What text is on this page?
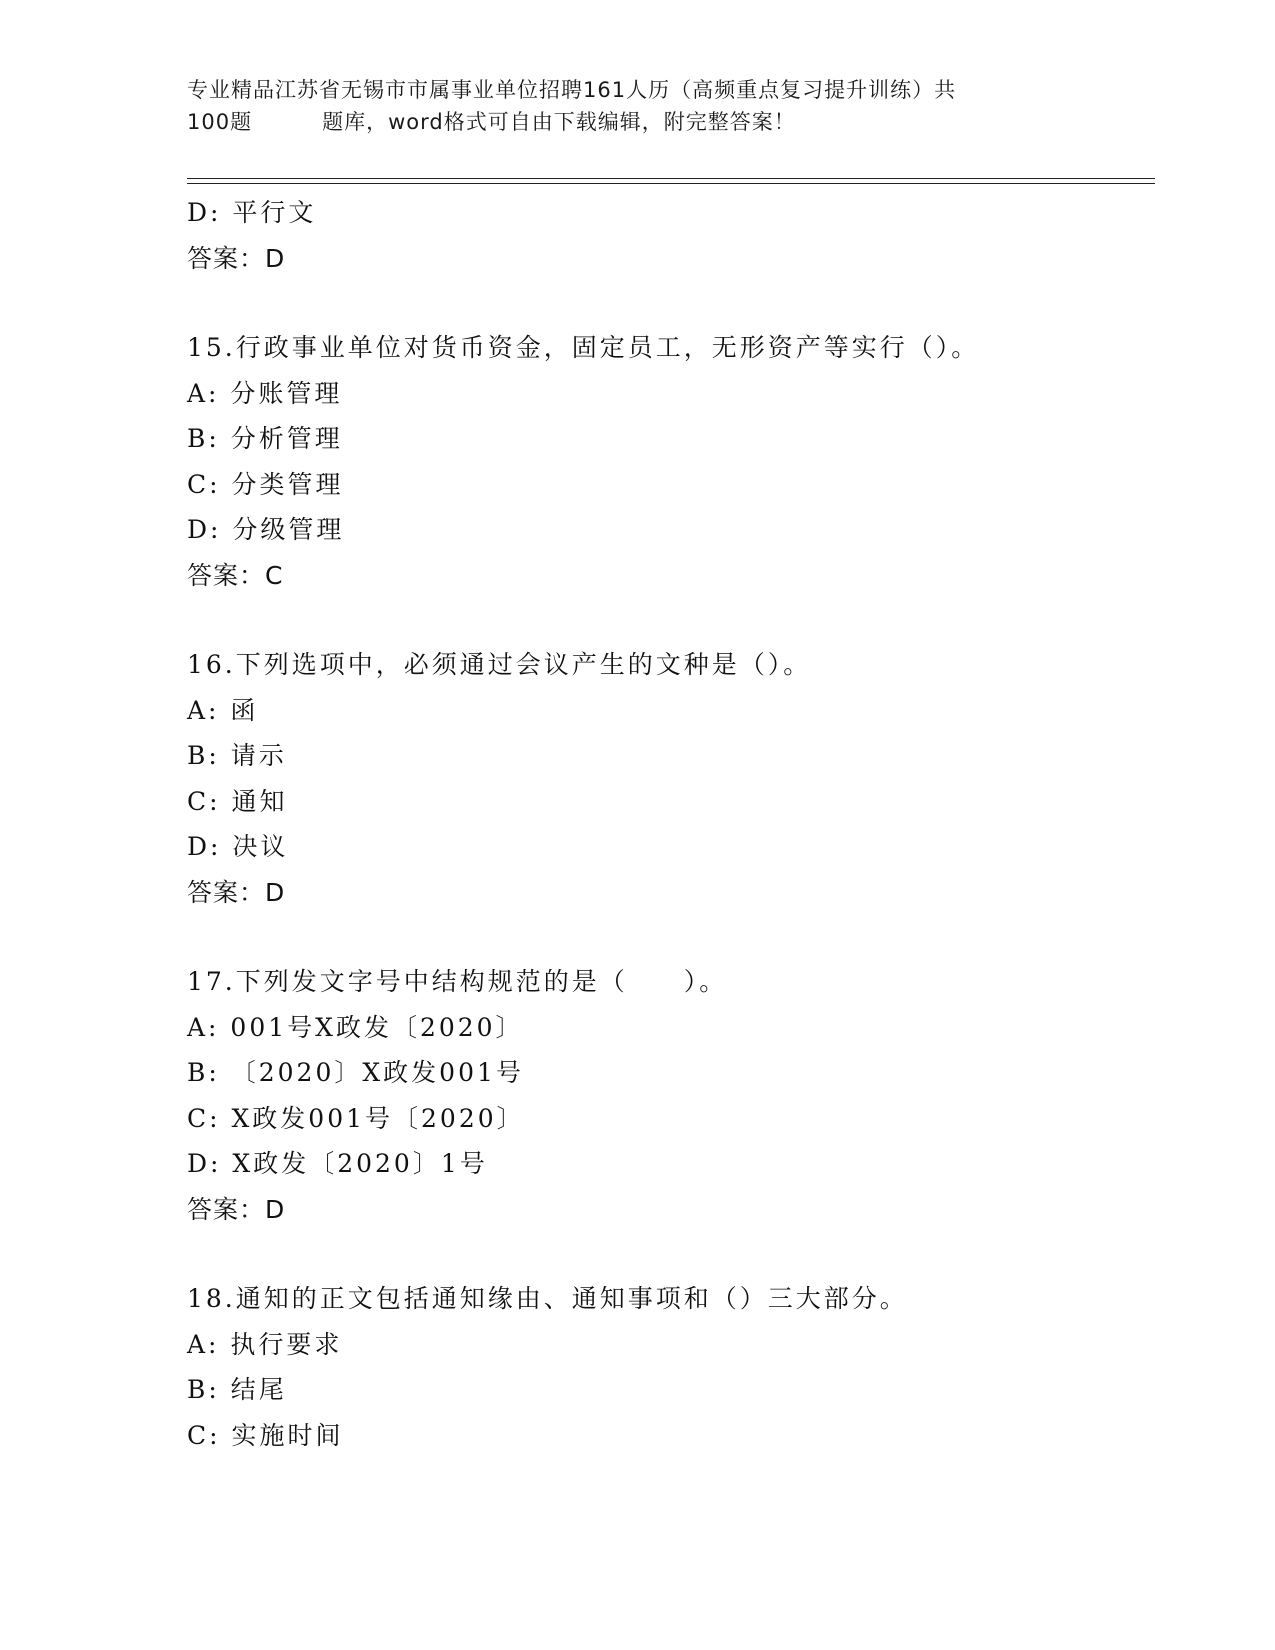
专业精品江苏省无锡市市属事业单位招聘161人历（高频重点复习提升训练）共
100题	题库，word格式可自由下载编辑，附完整答案！
D: 平行文
答案：D
15.行政事业单位对货币资金，固定员工，无形资产等实行（）。
A: 分账管理
B: 分析管理
C: 分类管理
D: 分级管理
答案：C
16.下列选项中，必须通过会议产生的文种是（）。
A: 函
B: 请示
C: 通知
D: 决议
答案：D
17.下列发文字号中结构规范的是（　　）。
A: 001号X政发〔2020〕
B: 〔2020〕X政发001号
C: X政发001号〔2020〕
D: X政发〔2020〕1号
答案：D
18.通知的正文包括通知缘由、通知事项和（）三大部分。
A: 执行要求
B: 结尾
C: 实施时间
